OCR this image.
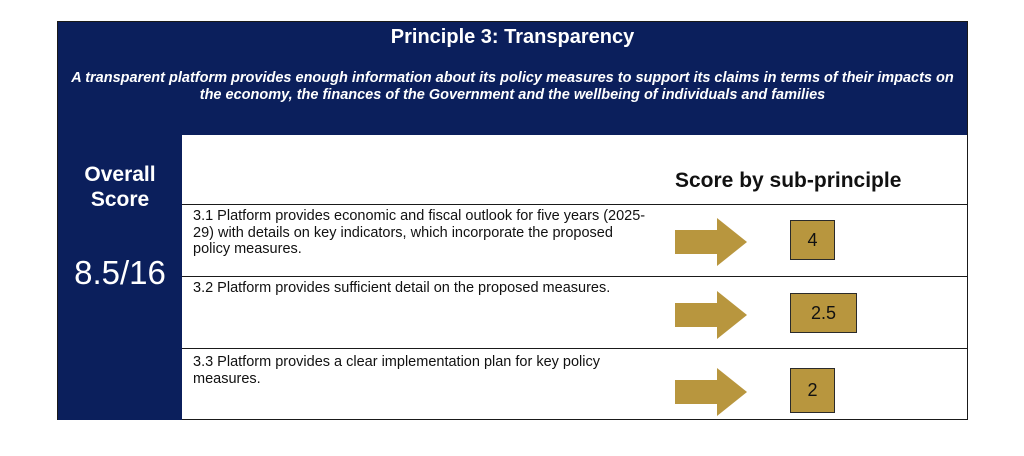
Principle 3: Transparency
A transparent platform provides enough information about its policy measures to support its claims in terms of their impacts on the economy, the finances of the Government and the wellbeing of individuals and families
Overall Score
8.5/16
Score by sub-principle
3.1 Platform provides economic and fiscal outlook for five years (2025-29) with details on key indicators, which incorporate the proposed policy measures.	4
3.2 Platform provides sufficient detail on the proposed measures.
2.5
3.3 Platform provides a clear implementation plan for key policy measures.
2
